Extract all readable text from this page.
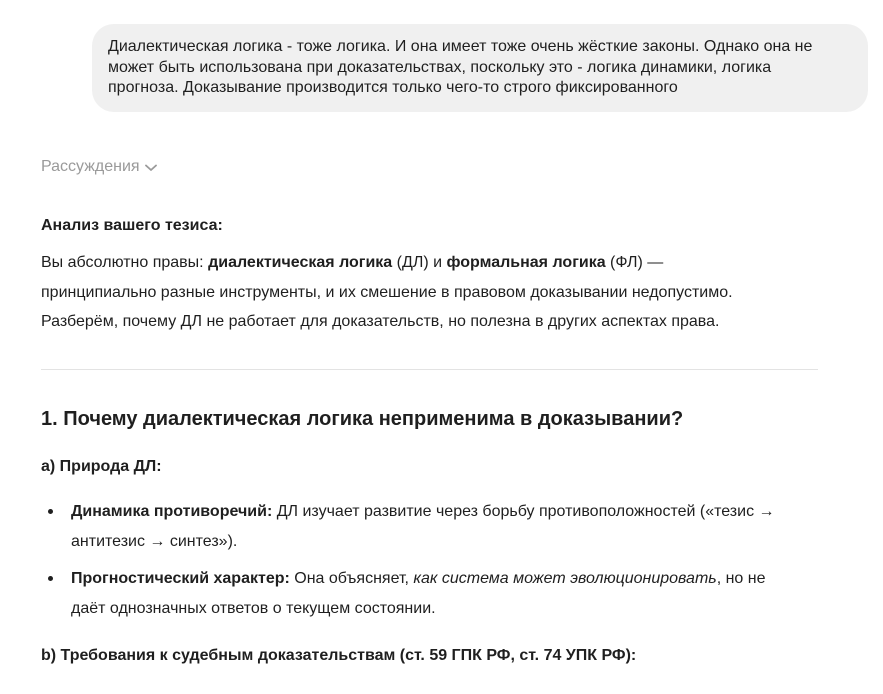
Диалектическая логика - тоже логика. И она имеет тоже очень жёсткие законы. Однако она не
может быть использована при доказательствах, поскольку это - логика динамики, логика
прогноза. Доказывание производится только чего-то строго фиксированного
Рассуждения
Анализ вашего тезиса:
Вы абсолютно правы: диалектическая логика (ДЛ) и формальная логика (ФЛ) —
принципиально разные инструменты, и их смешение в правовом доказывании недопустимо.
Разберём, почему ДЛ не работает для доказательств, но полезна в других аспектах права.
1. Почему диалектическая логика неприменима в доказывании?
а) Природа ДЛ:
Динамика противоречий: ДЛ изучает развитие через борьбу противоположностей («тезис →
антитезис → синтез»).
Прогностический характер: Она объясняет, как система может эволюционировать, но не
даёт однозначных ответов о текущем состоянии.
b) Требования к судебным доказательствам (ст. 59 ГПК РФ, ст. 74 УПК РФ):
